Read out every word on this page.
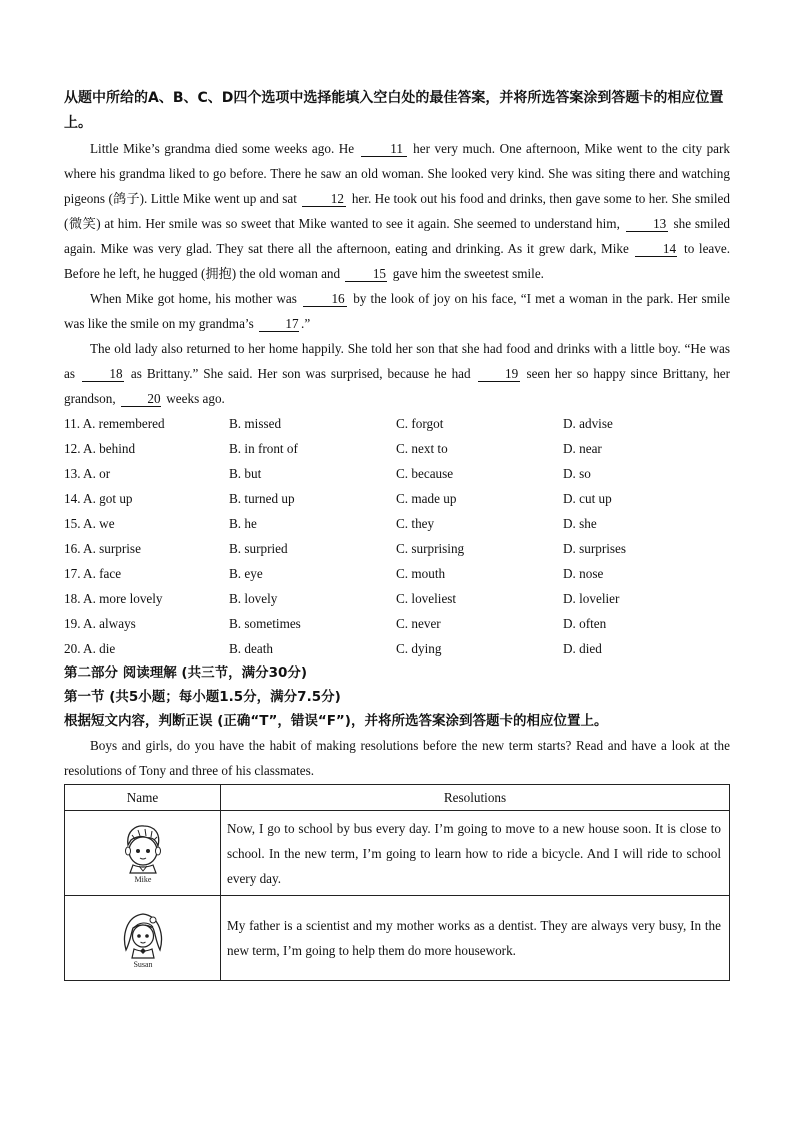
从题中所给的A、B、C、D四个选项中选择能填入空白处的最佳答案，并将所选答案涂到答题卡的相应位置上。

Little Mike’s grandma died some weeks ago. He	11 her very much. One afternoon, Mike went to the city park where his grandma liked to go before. There he saw an old woman. She looked very kind. She was siting there and watching pigeons (鸽子). Little Mike went up and sat	12 her. He took out his food and drinks, then gave some to her. She smiled (微笑) at him. Her smile was so sweet that Mike wanted to see it again. She seemed to understand him,	13 she smiled again. Mike was very glad. They sat there all the afternoon, eating and drinking. As it grew dark, Mike	14 to leave. Before he left, he hugged (拥抱) the old woman and 15 gave him the sweetest smile.

When Mike got home, his mother was	16 by the look of joy on his face, “I met a woman in the park. Her smile was like the smile on my grandma’s 17 .”

The old lady also returned to her home happily. She told her son that she had food and drinks with a little boy. “He was as	18 as Brittany.” She said. Her son was surprised, because he had	19 seen her so happy since Brittany, her grandson, 20 weeks ago.

11. A. remembered	B. missed	C. forgot	D. advise
12. A. behind	B. in front of	C. next to	D. near
13. A. or	B. but	C. because	D. so
14. A. got up	B. turned up	C. made up	D. cut up
15. A. we	B. he	C. they	D. she
16. A. surprise	B. surpried	C. surprising	D. surprises
17. A. face	B. eye	C. mouth	D. nose
18. A. more lovely	B. lovely	C. loveliest	D. lovelier
19. A. always	B. sometimes	C. never	D. often
20. A. die	B. death	C. dying	D. died

第二部分 阅读理解 (共三节，满分30分)

第一节 (共5小题；每小题1.5分，满分7.5分)

根据短文内容，判断正误 (正确“T”，错误“F”)，并将所选答案涂到答题卡的相应位置上。

Boys and girls, do you have the habit of making resolutions before the new term starts? Read and have a look at the resolutions of Tony and three of his classmates.

Name	Resolutions

Mike	Now, I go to school by bus every day. I’m going to move to a new house soon. It is close to school. In the new term, I’m going to learn how to ride a bicycle. And I will ride to school every day.

Susan	My father is a scientist and my mother works as a dentist. They are always very busy, In the new term, I’m going to help them do more housework.
